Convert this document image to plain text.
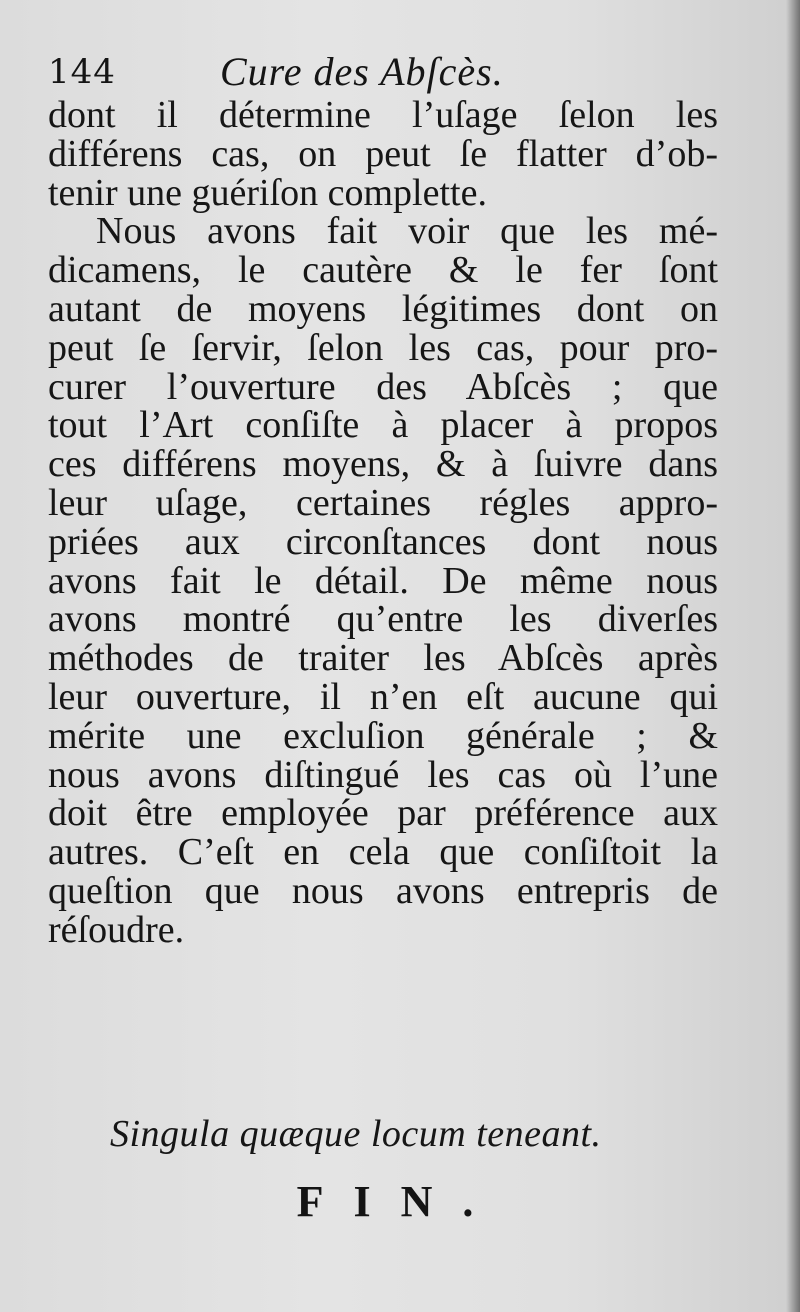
144	Cure des Abſcès.
dont il détermine l’uſage ſelon les
différens cas, on peut ſe flatter d’ob-
tenir une guériſon complette.
Nous avons fait voir que les mé-
dicamens, le cautère & le fer ſont
autant de moyens légitimes dont on
peut ſe ſervir, ſelon les cas, pour pro-
curer l’ouverture des Abſcès ; que
tout l’Art conſiſte à placer à propos
ces différens moyens, & à ſuivre dans
leur uſage, certaines régles appro-
priées aux circonſtances dont nous
avons fait le détail. De même nous
avons montré qu’entre les diverſes
méthodes de traiter les Abſcès après
leur ouverture, il n’en eſt aucune qui
mérite une excluſion générale ; &
nous avons diſtingué les cas où l’une
doit être employée par préférence aux
autres. C’eſt en cela que conſiſtoit la
queſtion que nous avons entrepris de
réſoudre.
Singula quæque locum teneant.
FIN.
